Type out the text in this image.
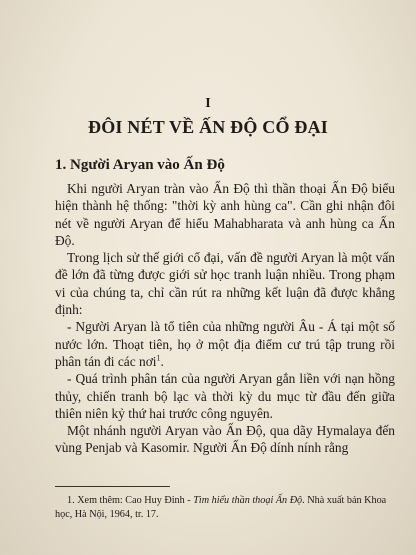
I
ĐÔI NÉT VỀ ẤN ĐỘ CỔ ĐẠI
1. Người Aryan vào Ấn Độ

Khi người Aryan tràn vào Ấn Độ thì thần thoại Ấn Độ biểu hiện thành hệ thống: "thời kỳ anh hùng ca". Cần ghi nhận đôi nét về người Aryan để hiểu Mahabharata và anh hùng ca Ấn Độ.

Trong lịch sử thế giới cổ đại, vấn đề người Aryan là một vấn đề lớn đã từng được giới sử học tranh luận nhiều. Trong phạm vi của chúng ta, chỉ cần rút ra những kết luận đã được khẳng định:

- Người Aryan là tổ tiên của những người Âu - Á tại một số nước lớn. Thoạt tiên, họ ở một địa điểm cư trú tập trung rồi phân tán đi các nơi$^1$.

- Quá trình phân tán của người Aryan gắn liền với nạn hồng thủy, chiến tranh bộ lạc và thời kỳ du mục từ đầu đến giữa thiên niên kỷ thứ hai trước công nguyên.

Một nhánh người Aryan vào Ấn Độ, qua dãy Hymalaya đến vùng Penjab và Kasomir. Người Ấn Độ dính nính rằng

1. Xem thêm: Cao Huy Đỉnh - Tìm hiểu thần thoại Ấn Độ. Nhà xuất bản Khoa học, Hà Nội, 1964, tr. 17.
